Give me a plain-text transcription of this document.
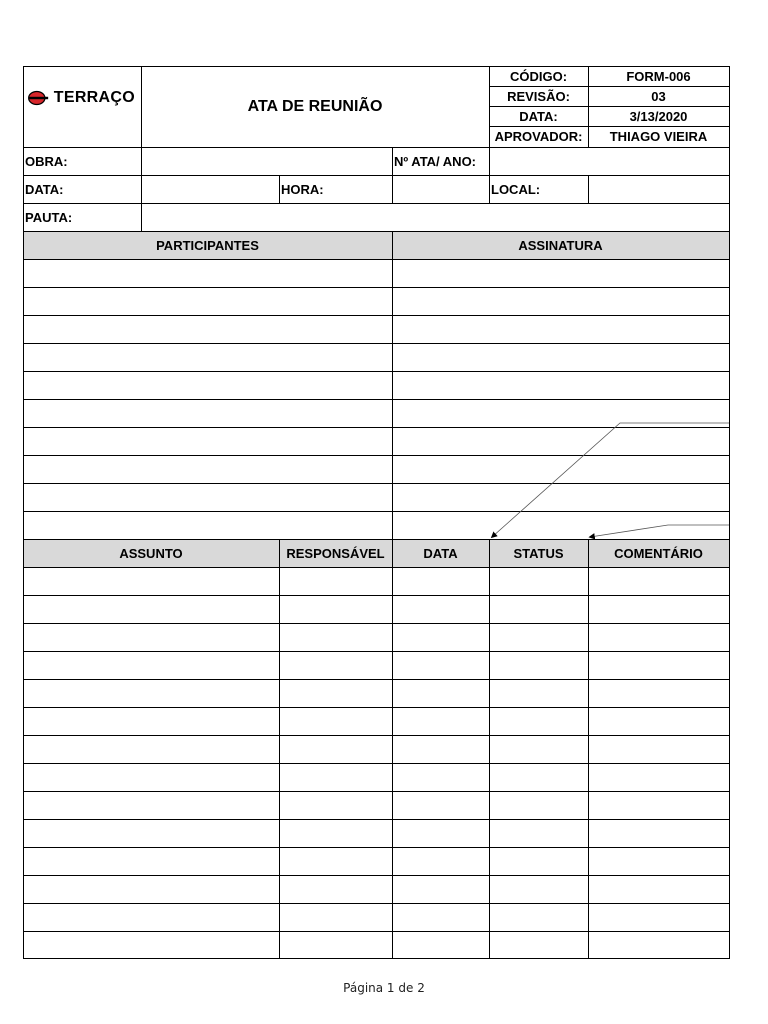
TERRAÇO	ATA DE REUNIÃO
CÓDIGO:	FORM-006
REVISÃO:	03
DATA:	3/13/2020
APROVADOR:	THIAGO VIEIRA
OBRA:	Nº ATA/ ANO:
DATA:	HORA:	LOCAL:
PAUTA:
PARTICIPANTES	ASSINATURA
ASSUNTO	RESPONSÁVEL	DATA	STATUS	COMENTÁRIO
Página 1 de 2
